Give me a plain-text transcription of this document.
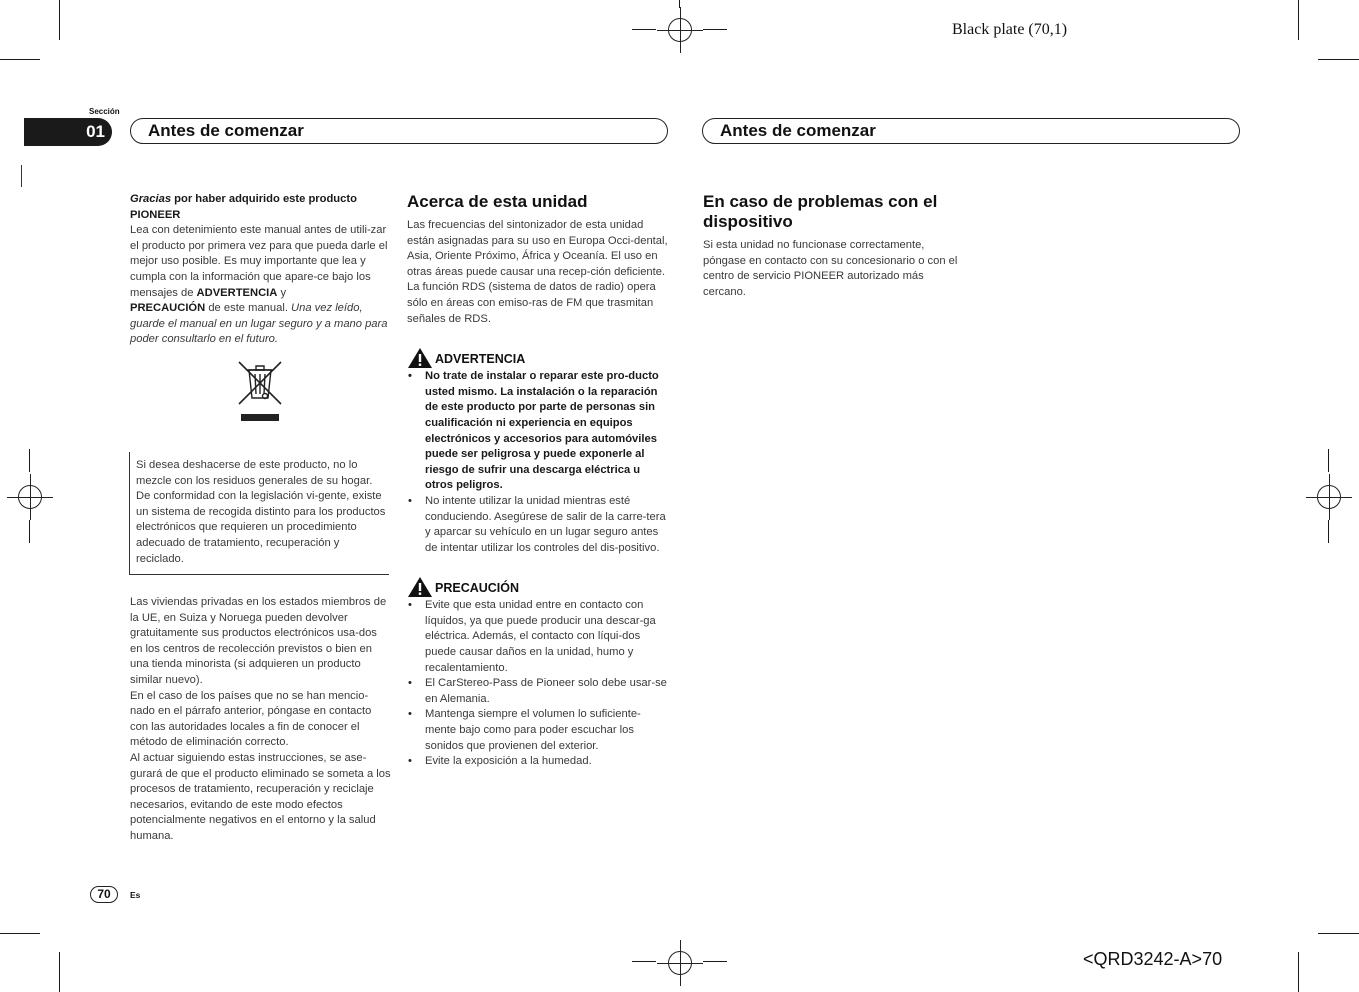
Black plate (70,1)
<QRD3242-A>70
Sección
01	Antes de comenzar	Antes de comenzar

Gracias por haber adquirido este producto

PIONEER

Lea con detenimiento este manual antes de utili-zar el producto por primera vez para que pueda darle el mejor uso posible. Es muy importante que lea y cumpla con la información que apare-ce bajo los mensajes de ADVERTENCIA y
PRECAUCIÓN de este manual. Una vez leído, guarde el manual en un lugar seguro y a mano para poder consultarlo en el futuro.

Si desea deshacerse de este producto, no lo mezcle con los residuos generales de su hogar. De conformidad con la legislación vi-gente, existe un sistema de recogida distinto para los productos electrónicos que requieren un procedimiento adecuado de tratamiento, recuperación y reciclado.

Las viviendas privadas en los estados miembros de la UE, en Suiza y Noruega pueden devolver gratuitamente sus productos electrónicos usa-dos en los centros de recolección previstos o bien en una tienda minorista (si adquieren un producto similar nuevo).

En el caso de los países que no se han mencio-nado en el párrafo anterior, póngase en contacto con las autoridades locales a fin de conocer el método de eliminación correcto.

Al actuar siguiendo estas instrucciones, se ase-gurará de que el producto eliminado se someta a los procesos de tratamiento, recuperación y reciclaje necesarios, evitando de este modo efectos potencialmente negativos en el entorno y la salud humana.

Acerca de esta unidad

Las frecuencias del sintonizador de esta unidad están asignadas para su uso en Europa Occi-dental, Asia, Oriente Próximo, África y Oceanía. El uso en otras áreas puede causar una recep-ción deficiente. La función RDS (sistema de datos de radio) opera sólo en áreas con emiso-ras de FM que trasmitan señales de RDS.

ADVERTENCIA
• No trate de instalar o reparar este pro-ducto usted mismo. La instalación o la reparación de este producto por parte de personas sin cualificación ni experiencia en equipos electrónicos y accesorios para automóviles puede ser peligrosa y puede exponerle al riesgo de sufrir una descarga eléctrica u otros peligros.
• No intente utilizar la unidad mientras esté conduciendo. Asegúrese de salir de la carre-tera y aparcar su vehículo en un lugar seguro antes de intentar utilizar los controles del dis-positivo.
PRECAUCIÓN
• Evite que esta unidad entre en contacto con líquidos, ya que puede producir una descar-ga eléctrica. Además, el contacto con líqui-dos puede causar daños en la unidad, humo y recalentamiento.
• El CarStereo-Pass de Pioneer solo debe usar-se en Alemania.
• Mantenga siempre el volumen lo suficiente-mente bajo como para poder escuchar los sonidos que provienen del exterior.
• Evite la exposición a la humedad.
En caso de problemas con el dispositivo

Si esta unidad no funcionase correctamente, póngase en contacto con su concesionario o con el centro de servicio PIONEER autorizado más cercano.

70	Es
